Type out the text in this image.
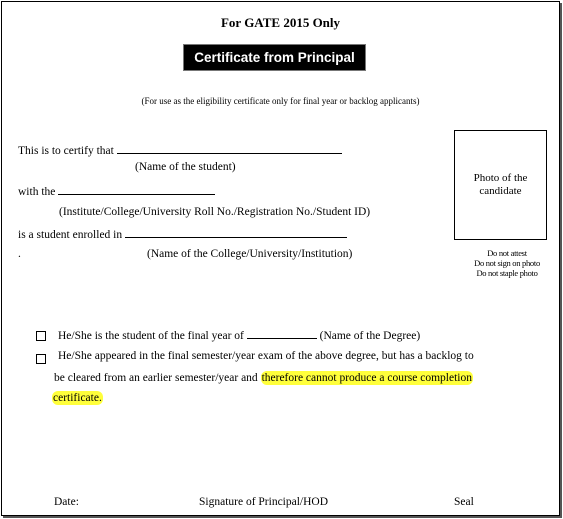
For GATE 2015 Only
Certificate from Principal
(For use as the eligibility certificate only for final year or backlog applicants)
This is to certify that
(Name of the student)
with the
(Institute/College/University Roll No./Registration No./Student ID)
is a student enrolled in
.	(Name of the College/University/Institution)
Photo of the candidate
Do not attest
Do not sign on photo
Do not staple photo
He/She is the student of the final year of	(Name of the Degree)
He/She appeared in the final semester/year exam of the above degree, but has a backlog to
be cleared from an earlier semester/year and therefore cannot produce a course completion
certificate.
Date:	Signature of Principal/HOD	Seal
